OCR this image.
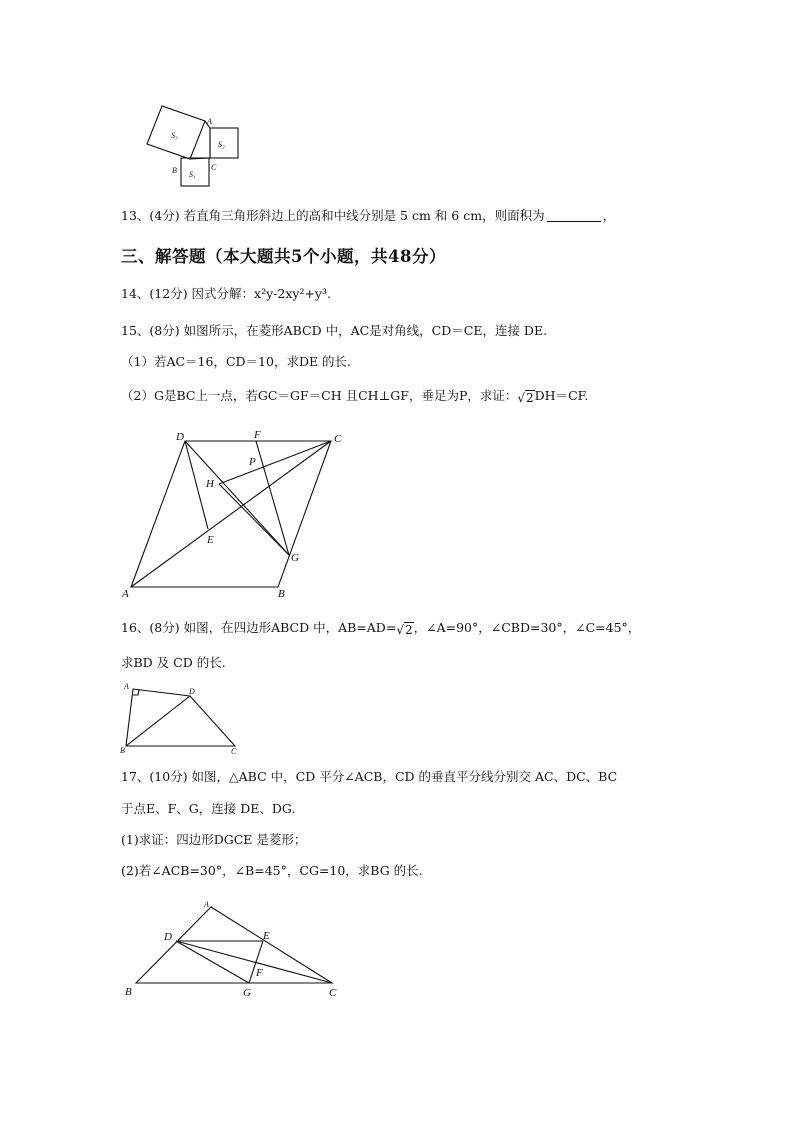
A
B	C
S₃
S₂
S₁
13、(4分) 若直角三角形斜边上的高和中线分别是 5 cm 和 6 cm，则面积为	，
三、解答题（本大题共5个小题，共48分）
14、(12分) 因式分解：x²y-2xy²+y³.
15、(8分) 如图所示，在菱形ABCD 中，AC是对角线，CD＝CE，连接 DE.
（1）若AC＝16，CD＝10，求DE 的长.
（2）G是BC上一点，若GC＝GF＝CH 且CH⊥GF，垂足为P，求证：√2DH＝CF.
D	F	C
P
H
E
G
A	B
16、(8分) 如图，在四边形ABCD 中，AB=AD=√2，∠A=90°，∠CBD=30°，∠C=45°，
求BD 及 CD 的长.
A
D
B	C
17、(10分) 如图，△ABC 中，CD 平分∠ACB，CD 的垂直平分线分别交 AC、DC、BC
于点E、F、G，连接 DE、DG.
(1)求证：四边形DGCE 是菱形；
(2)若∠ACB=30°，∠B=45°，CG=10，求BG 的长.
A
D	E
F
B	G	C
